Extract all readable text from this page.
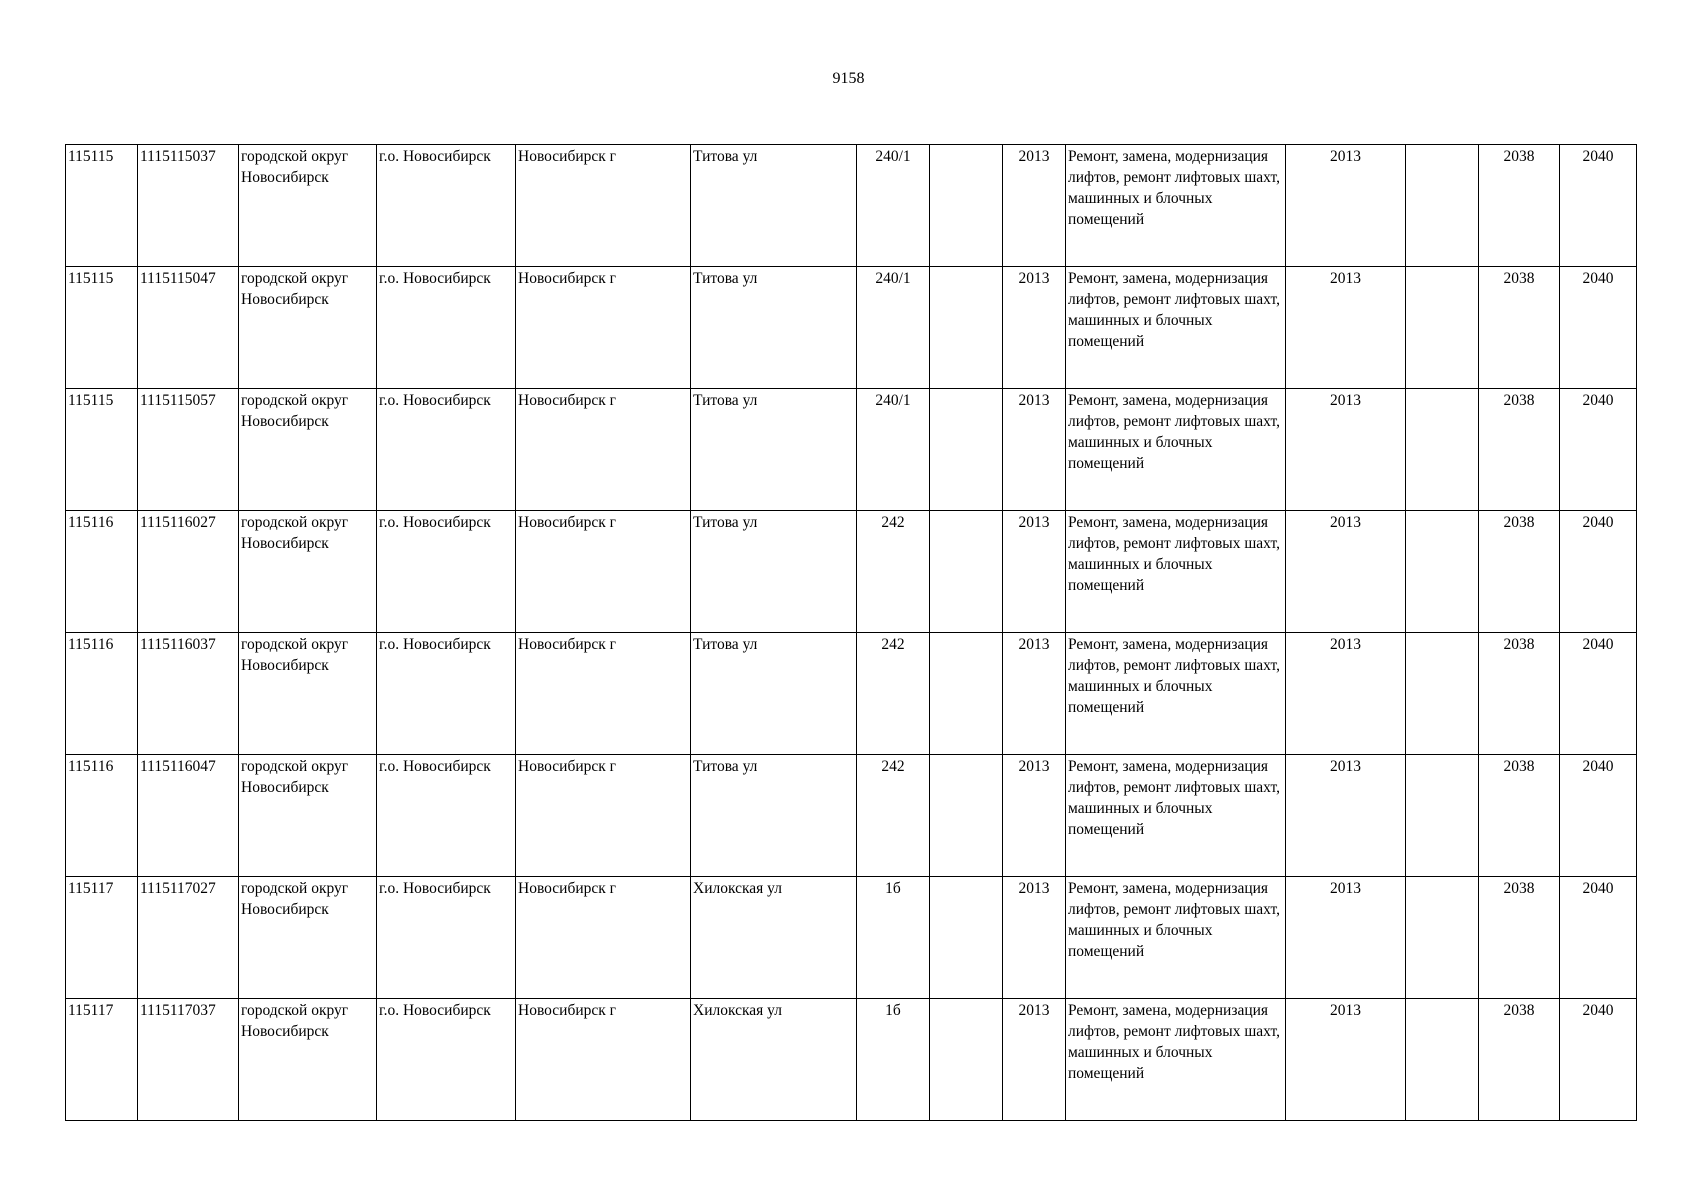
9158
115115	1115115037	городской округ Новосибирск	г.о. Новосибирск	Новосибирск г	Титова ул	240/1		2013	Ремонт, замена, модернизация лифтов, ремонт лифтовых шахт, машинных и блочных помещений	2013		2038	2040
115115	1115115047	городской округ Новосибирск	г.о. Новосибирск	Новосибирск г	Титова ул	240/1		2013	Ремонт, замена, модернизация лифтов, ремонт лифтовых шахт, машинных и блочных помещений	2013		2038	2040
115115	1115115057	городской округ Новосибирск	г.о. Новосибирск	Новосибирск г	Титова ул	240/1		2013	Ремонт, замена, модернизация лифтов, ремонт лифтовых шахт, машинных и блочных помещений	2013		2038	2040
115116	1115116027	городской округ Новосибирск	г.о. Новосибирск	Новосибирск г	Титова ул	242		2013	Ремонт, замена, модернизация лифтов, ремонт лифтовых шахт, машинных и блочных помещений	2013		2038	2040
115116	1115116037	городской округ Новосибирск	г.о. Новосибирск	Новосибирск г	Титова ул	242		2013	Ремонт, замена, модернизация лифтов, ремонт лифтовых шахт, машинных и блочных помещений	2013		2038	2040
115116	1115116047	городской округ Новосибирск	г.о. Новосибирск	Новосибирск г	Титова ул	242		2013	Ремонт, замена, модернизация лифтов, ремонт лифтовых шахт, машинных и блочных помещений	2013		2038	2040
115117	1115117027	городской округ Новосибирск	г.о. Новосибирск	Новосибирск г	Хилокская ул	1б		2013	Ремонт, замена, модернизация лифтов, ремонт лифтовых шахт, машинных и блочных помещений	2013		2038	2040
115117	1115117037	городской округ Новосибирск	г.о. Новосибирск	Новосибирск г	Хилокская ул	1б		2013	Ремонт, замена, модернизация лифтов, ремонт лифтовых шахт, машинных и блочных помещений	2013		2038	2040
